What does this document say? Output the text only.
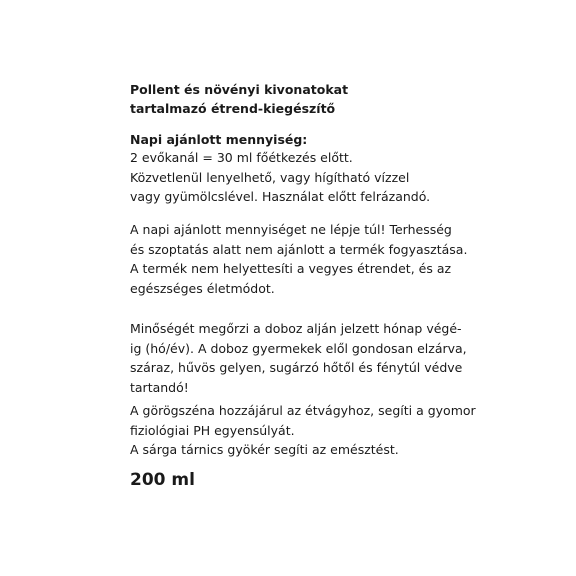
Pollent és növényi kivonatokat
tartalmazó étrend-kiegészítő
Napi ajánlott mennyiség:
2 evőkanál = 30 ml főétkezés előtt.
Közvetlenül lenyelhető, vagy hígítható vízzel
vagy gyümölcslével. Használat előtt felrázandó.
A napi ajánlott mennyiséget ne lépje túl! Terhesség
és szoptatás alatt nem ajánlott a termék fogyasztása.
A termék nem helyettesíti a vegyes étrendet, és az
egészséges életmódot.
Minőségét megőrzi a doboz alján jelzett hónap végé-
ig (hó/év). A doboz gyermekek elől gondosan elzárva,
száraz, hűvös gelyen, sugárzó hőtől és fénytúl védve
tartandó!
A görögszéna hozzájárul az étvágyhoz, segíti a gyomor
fiziológiai PH egyensúlyát.
A sárga tárnics gyökér segíti az emésztést.
200 ml
